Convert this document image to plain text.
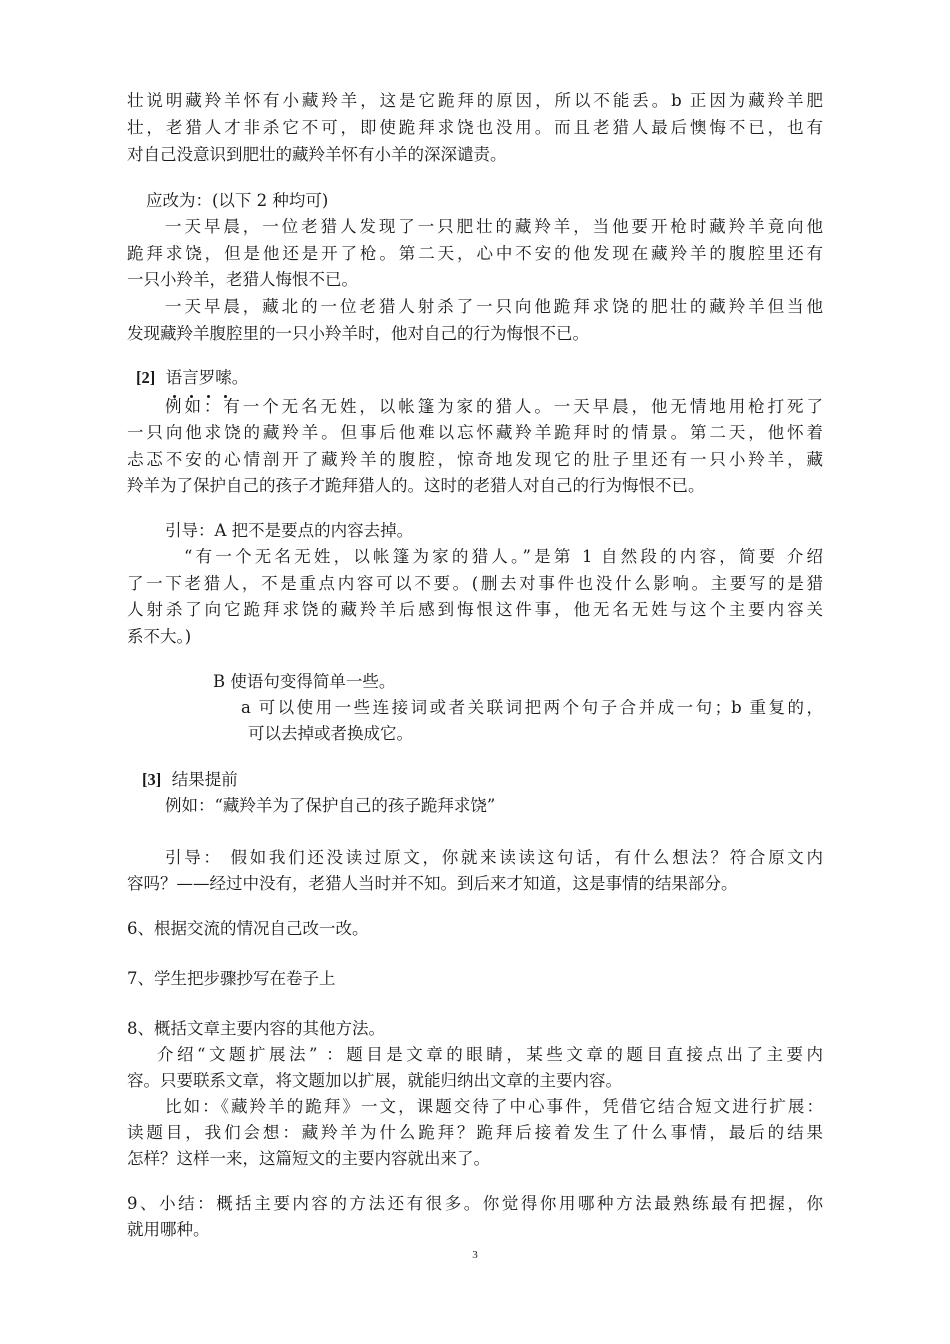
壮说明藏羚羊怀有小藏羚羊，这是它跪拜的原因，所以不能丢。b 正因为藏羚羊肥
壮，老猎人才非杀它不可，即使跪拜求饶也没用。而且老猎人最后懊悔不已，也有
对自己没意识到肥壮的藏羚羊怀有小羊的深深谴责。
应改为：(以下 2 种均可)
一天早晨，一位老猎人发现了一只肥壮的藏羚羊，当他要开枪时藏羚羊竟向他
跪拜求饶，但是他还是开了枪。第二天，心中不安的他发现在藏羚羊的腹腔里还有
一只小羚羊，老猎人悔恨不已。
一天早晨，藏北的一位老猎人射杀了一只向他跪拜求饶的肥壮的藏羚羊但当他
发现藏羚羊腹腔里的一只小羚羊时，他对自己的行为悔恨不已。
[2] 语言罗嗦。
例如：有一个无名无姓，以帐篷为家的猎人。一天早晨，他无情地用枪打死了
一只向他求饶的藏羚羊。但事后他难以忘怀藏羚羊跪拜时的情景。第二天，他怀着
忐忑不安的心情剖开了藏羚羊的腹腔，惊奇地发现它的肚子里还有一只小羚羊，藏
羚羊为了保护自己的孩子才跪拜猎人的。这时的老猎人对自己的行为悔恨不已。
引导：A 把不是要点的内容去掉。
“有一个无名无姓，以帐篷为家的猎人。”是第 1 自然段的内容，简要 介绍
了一下老猎人，不是重点内容可以不要。(删去对事件也没什么影响。主要写的是猎
人射杀了向它跪拜求饶的藏羚羊后感到悔恨这件事，他无名无姓与这个主要内容关
系不大。)
B 使语句变得简单一些。
a 可以使用一些连接词或者关联词把两个句子合并成一句；b 重复的，
可以去掉或者换成它。
[3] 结果提前
例如：“藏羚羊为了保护自己的孩子跪拜求饶”
引导： 假如我们还没读过原文，你就来读读这句话，有什么想法？符合原文内
容吗？——经过中没有，老猎人当时并不知。到后来才知道，这是事情的结果部分。
6、根据交流的情况自己改一改。
7、学生把步骤抄写在卷子上
8、概括文章主要内容的其他方法。
介绍“文题扩展法” ：题目是文章的眼睛，某些文章的题目直接点出了主要内
容。只要联系文章，将文题加以扩展，就能归纳出文章的主要内容。
比如：《藏羚羊的跪拜》一文，课题交待了中心事件，凭借它结合短文进行扩展：
读题目，我们会想：藏羚羊为什么跪拜？跪拜后接着发生了什么事情，最后的结果
怎样？这样一来，这篇短文的主要内容就出来了。
9、小结：概括主要内容的方法还有很多。你觉得你用哪种方法最熟练最有把握，你
就用哪种。
3
